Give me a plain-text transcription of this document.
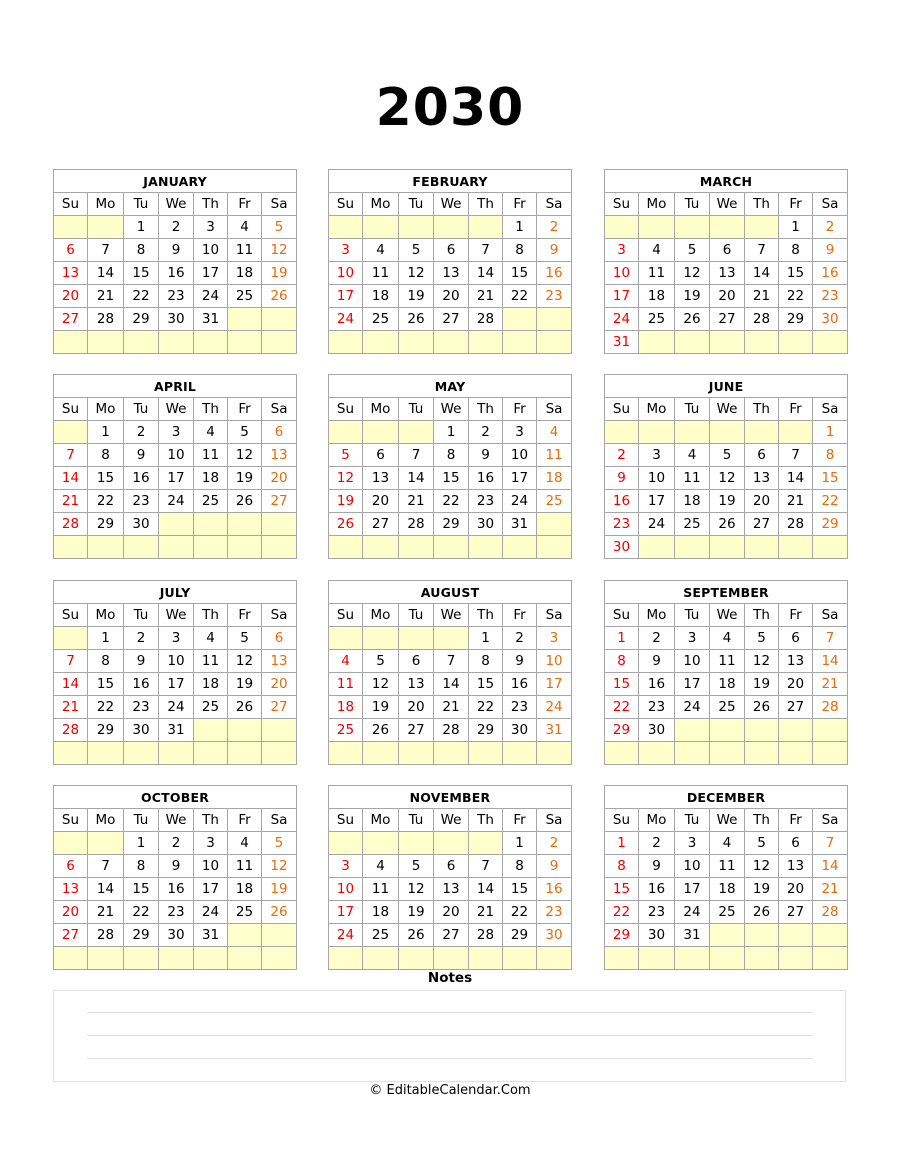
2030
JANUARY						
Su	Mo	Tu	We	Th	Fr	Sa
		1	2	3	4	5
6	7	8	9	10	11	12
13	14	15	16	17	18	19
20	21	22	23	24	25	26
27	28	29	30	31		

FEBRUARY						
Su	Mo	Tu	We	Th	Fr	Sa
					1	2
3	4	5	6	7	8	9
10	11	12	13	14	15	16
17	18	19	20	21	22	23
24	25	26	27	28		

MARCH						
Su	Mo	Tu	We	Th	Fr	Sa
					1	2
3	4	5	6	7	8	9
10	11	12	13	14	15	16
17	18	19	20	21	22	23
24	25	26	27	28	29	30
31						
APRIL						
Su	Mo	Tu	We	Th	Fr	Sa
	1	2	3	4	5	6
7	8	9	10	11	12	13
14	15	16	17	18	19	20
21	22	23	24	25	26	27
28	29	30				

MAY						
Su	Mo	Tu	We	Th	Fr	Sa
			1	2	3	4
5	6	7	8	9	10	11
12	13	14	15	16	17	18
19	20	21	22	23	24	25
26	27	28	29	30	31	

JUNE						
Su	Mo	Tu	We	Th	Fr	Sa
						1
2	3	4	5	6	7	8
9	10	11	12	13	14	15
16	17	18	19	20	21	22
23	24	25	26	27	28	29
30						
JULY						
Su	Mo	Tu	We	Th	Fr	Sa
	1	2	3	4	5	6
7	8	9	10	11	12	13
14	15	16	17	18	19	20
21	22	23	24	25	26	27
28	29	30	31			

AUGUST						
Su	Mo	Tu	We	Th	Fr	Sa
				1	2	3
4	5	6	7	8	9	10
11	12	13	14	15	16	17
18	19	20	21	22	23	24
25	26	27	28	29	30	31

SEPTEMBER						
Su	Mo	Tu	We	Th	Fr	Sa
1	2	3	4	5	6	7
8	9	10	11	12	13	14
15	16	17	18	19	20	21
22	23	24	25	26	27	28
29	30					

OCTOBER						
Su	Mo	Tu	We	Th	Fr	Sa
		1	2	3	4	5
6	7	8	9	10	11	12
13	14	15	16	17	18	19
20	21	22	23	24	25	26
27	28	29	30	31		

NOVEMBER						
Su	Mo	Tu	We	Th	Fr	Sa
					1	2
3	4	5	6	7	8	9
10	11	12	13	14	15	16
17	18	19	20	21	22	23
24	25	26	27	28	29	30

DECEMBER						
Su	Mo	Tu	We	Th	Fr	Sa
1	2	3	4	5	6	7
8	9	10	11	12	13	14
15	16	17	18	19	20	21
22	23	24	25	26	27	28
29	30	31				

Notes
© EditableCalendar.Com
